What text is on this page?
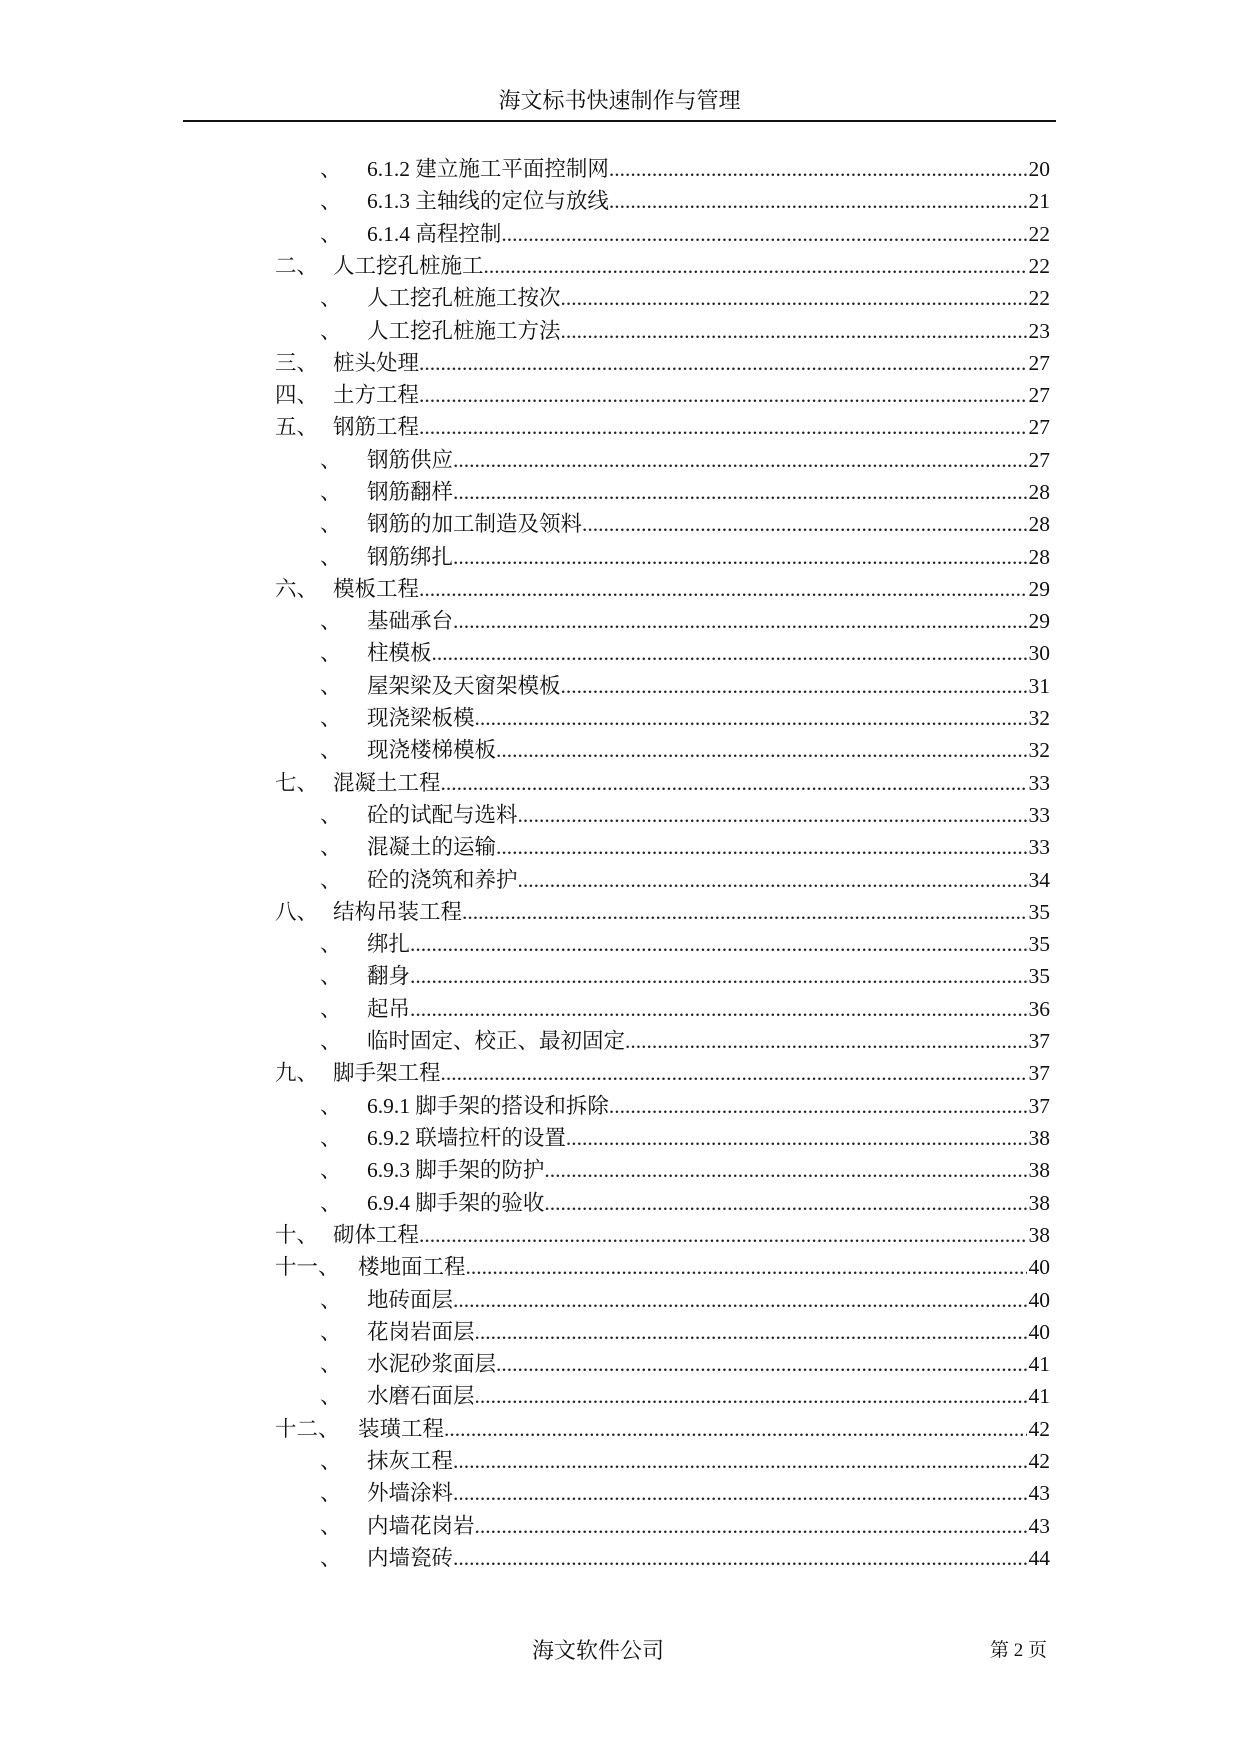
海文标书快速制作与管理
、	6.1.2 建立施工平面控制网 .....	20
、	6.1.3 主轴线的定位与放线 .....	21
、	6.1.4 高程控制 .....	22
二、 人工挖孔桩施工 .....	22
、	人工挖孔桩施工按次 .....	22
、	人工挖孔桩施工方法 .....	23
三、 桩头处理 .....	27
四、 土方工程 .....	27
五、 钢筋工程 .....	27
、	钢筋供应 .....	27
、	钢筋翻样 .....	28
、	钢筋的加工制造及领料 .....	28
、	钢筋绑扎 .....	28
六、 模板工程 .....	29
、	基础承台 .....	29
、	柱模板 .....	30
、	屋架梁及天窗架模板 .....	31
、	现浇梁板模 .....	32
、	现浇楼梯模板 .....	32
七、 混凝土工程 .....	33
、	砼的试配与选料 .....	33
、	混凝土的运输 .....	33
、	砼的浇筑和养护 .....	34
八、 结构吊装工程 .....	35
、	绑扎 .....	35
、	翻身 .....	35
、	起吊 .....	36
、	临时固定、校正、最初固定 .....	37
九、 脚手架工程 .....	37
、	6.9.1 脚手架的搭设和拆除 .....	37
、	6.9.2 联墙拉杆的设置 .....	38
、	6.9.3 脚手架的防护 .....	38
、	6.9.4 脚手架的验收 .....	38
十、 砌体工程 .....	38
十一、 楼地面工程 .....	40
、	地砖面层 .....	40
、	花岗岩面层 .....	40
、	水泥砂浆面层 .....	41
、	水磨石面层 .....	41
十二、 装璜工程 .....	42
、	抹灰工程 .....	42
、	外墙涂料 .....	43
、	内墙花岗岩 .....	43
、	内墙瓷砖 .....	44
海文软件公司	第 2 页
